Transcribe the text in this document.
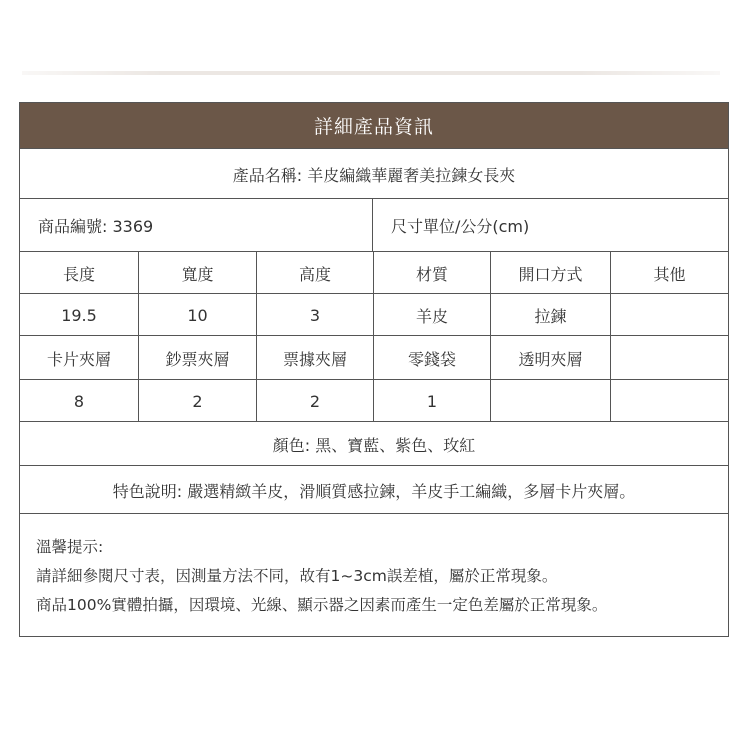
詳細產品資訊
產品名稱: 羊皮編織華麗奢美拉鍊女長夾
商品編號: 3369	尺寸單位/公分(cm)
長度	寬度	高度	材質	開口方式	其他
19.5	10	3	羊皮	拉鍊
卡片夾層	鈔票夾層	票據夾層	零錢袋	透明夾層
8	2	2	1
顏色: 黑、寶藍、紫色、玫紅
特色說明: 嚴選精緻羊皮，滑順質感拉鍊，羊皮手工編織，多層卡片夾層。
溫馨提示:
請詳細參閱尺寸表，因測量方法不同，故有1~3cm誤差植，屬於正常現象。
商品100%實體拍攝，因環境、光線、顯示器之因素而產生一定色差屬於正常現象。
